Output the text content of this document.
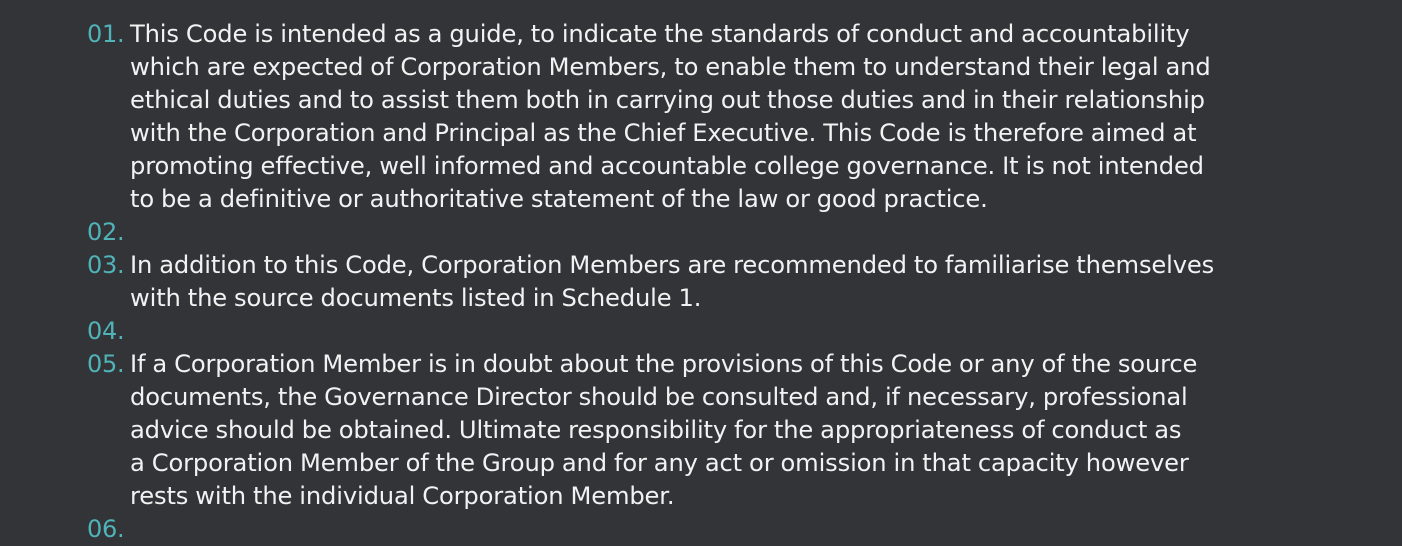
01. This Code is intended as a guide, to indicate the standards of conduct and accountability
which are expected of Corporation Members, to enable them to understand their legal and
ethical duties and to assist them both in carrying out those duties and in their relationship
with the Corporation and Principal as the Chief Executive. This Code is therefore aimed at
promoting effective, well informed and accountable college governance. It is not intended
to be a definitive or authoritative statement of the law or good practice.
02.
03. In addition to this Code, Corporation Members are recommended to familiarise themselves
with the source documents listed in Schedule 1.
04.
05. If a Corporation Member is in doubt about the provisions of this Code or any of the source
documents, the Governance Director should be consulted and, if necessary, professional
advice should be obtained. Ultimate responsibility for the appropriateness of conduct as
a Corporation Member of the Group and for any act or omission in that capacity however
rests with the individual Corporation Member.
06.
